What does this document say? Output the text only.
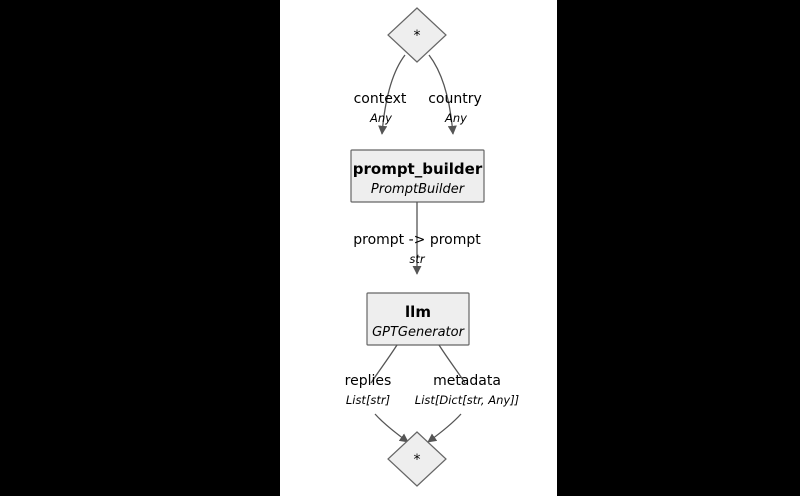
*
context
Any
country
Any
prompt_builder
PromptBuilder
prompt -> prompt
str
llm
GPTGenerator
replies
List[str]
metadata
List[Dict[str, Any]]
*
